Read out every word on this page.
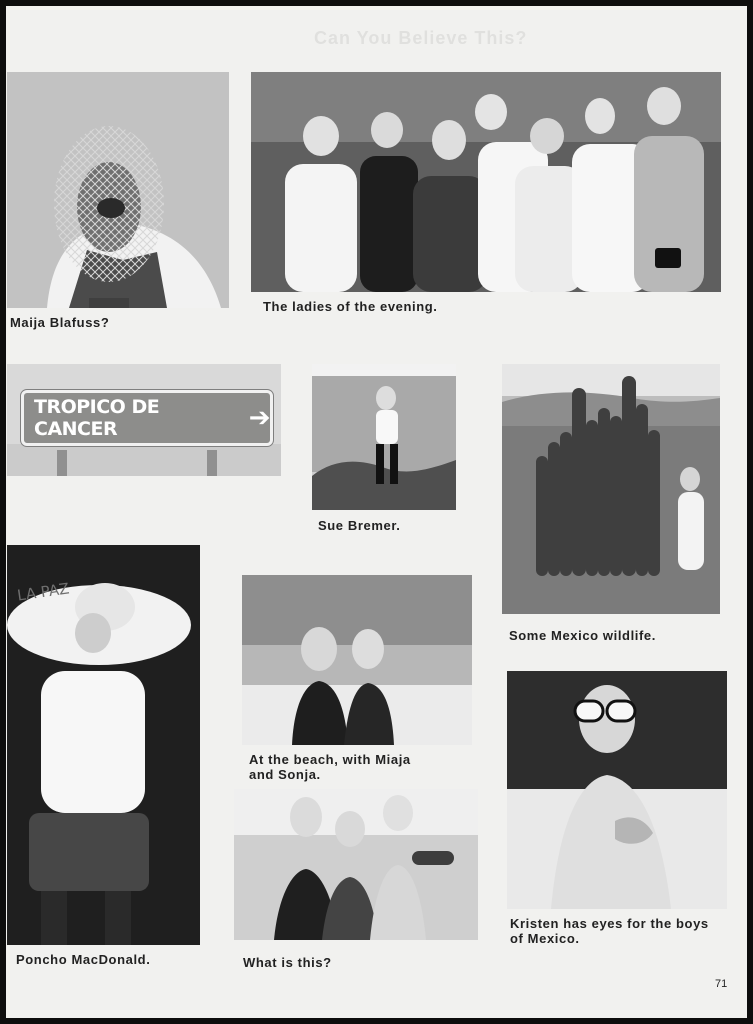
Can You Believe This?
Maija Blafuss?
The ladies of the evening.
TROPICO DE CANCER	➔
Sue Bremer.
Some Mexico wildlife.
LA PAZ
Poncho MacDonald.
At the beach, with Miaja
and Sonja.
What is this?
Kristen has eyes for the boys
of Mexico.
71
